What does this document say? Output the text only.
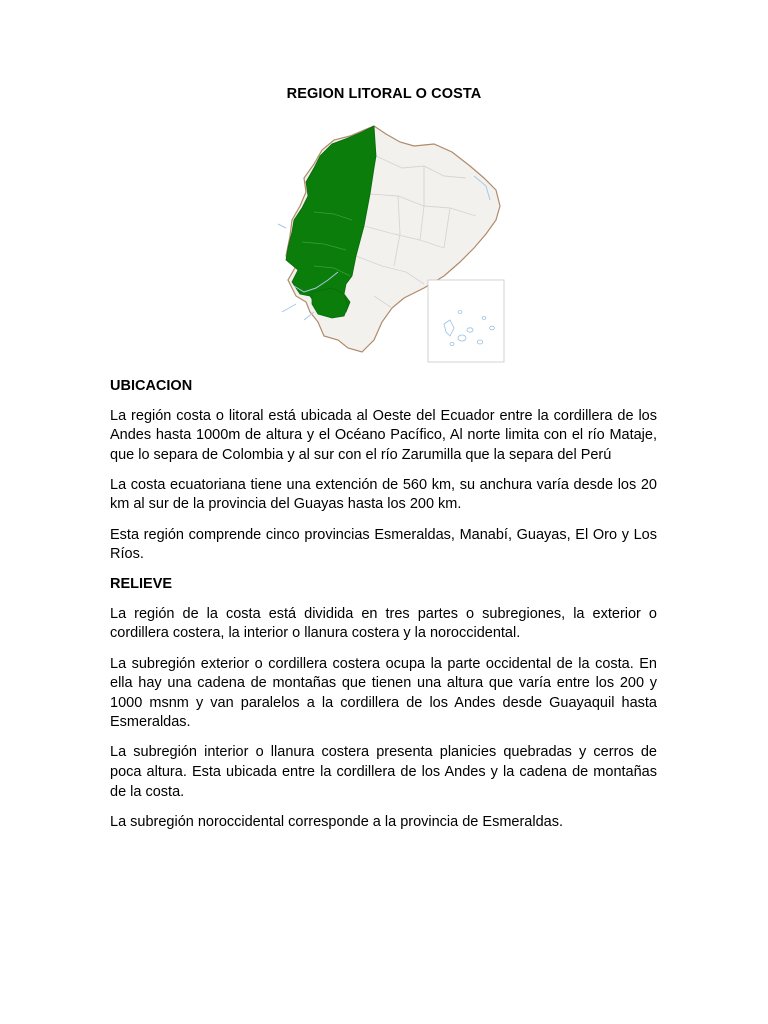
REGION LITORAL O COSTA
UBICACION

La región costa o litoral está ubicada al Oeste del Ecuador entre la cordillera de los Andes hasta 1000m de altura y el Océano Pacífico, Al norte limita con el río Mataje, que lo separa de Colombia y al sur con el río Zarumilla que la separa del Perú

La costa ecuatoriana tiene una extención de 560 km, su anchura varía desde los 20 km al sur de la provincia del Guayas hasta los 200 km.

Esta región comprende cinco provincias Esmeraldas, Manabí, Guayas, El Oro y Los Ríos.

RELIEVE

La región de la costa está dividida en tres partes o subregiones, la exterior o cordillera costera, la interior o llanura costera y la noroccidental.

La subregión exterior o cordillera costera ocupa la parte occidental de la costa. En ella hay una cadena de montañas que tienen una altura que varía entre los 200 y 1000 msnm y van paralelos a la cordillera de los Andes desde Guayaquil hasta Esmeraldas.

La subregión interior o llanura costera presenta planicies quebradas y cerros de poca altura. Esta ubicada entre la cordillera de los Andes y la cadena de montañas de la costa.

La subregión noroccidental corresponde a la provincia de Esmeraldas.
